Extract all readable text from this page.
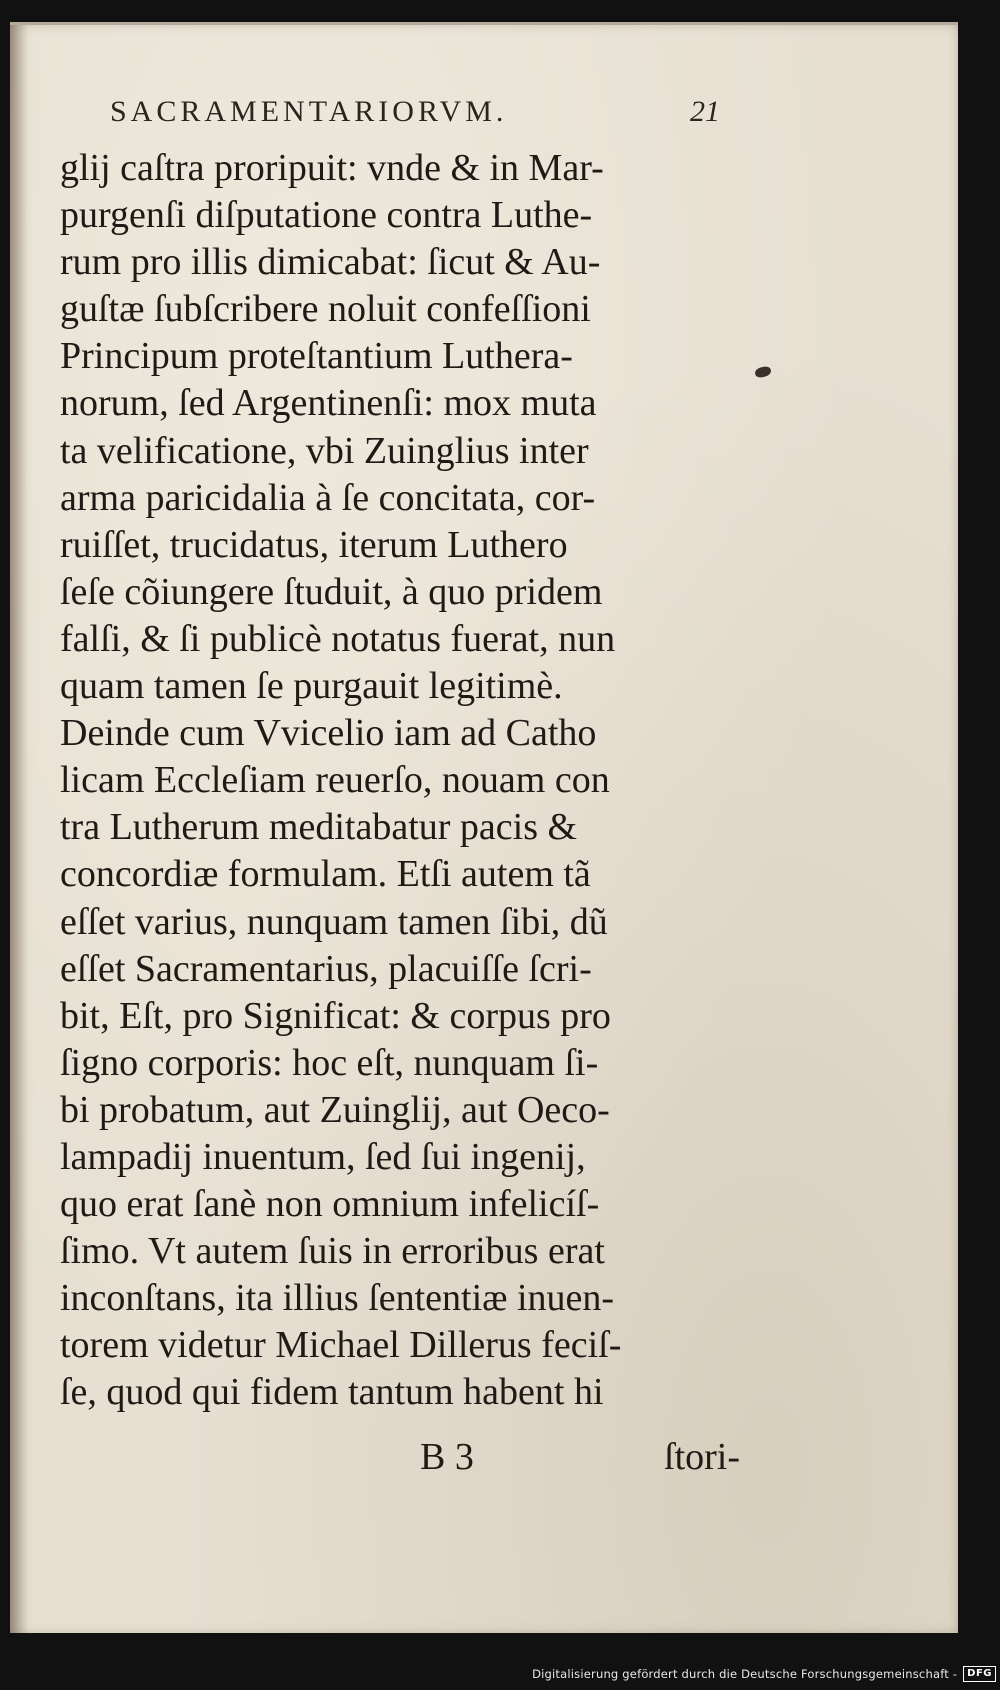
SACRAMENTARIORVM.	21
glij caſtra proripuit: vnde & in Mar-
purgenſi diſputatione contra Luthe-
rum pro illis dimicabat: ſicut & Au-
guſtæ ſubſcribere noluit confeſſioni
Principum proteſtantium Luthera-
norum, ſed Argentinenſi: mox muta
ta velificatione, vbi Zuinglius inter
arma paricidalia à ſe concitata, cor-
ruiſſet, trucidatus, iterum Luthero
ſeſe cõiungere ſtuduit, à quo pridem
falſi, & ſi publicè notatus fuerat, nun
quam tamen ſe purgauit legitimè.
Deinde cum Vvicelio iam ad Catho
licam Eccleſiam reuerſo, nouam con
tra Lutherum meditabatur pacis &
concordiæ formulam. Etſi autem tã
eſſet varius, nunquam tamen ſibi, dũ
eſſet Sacramentarius, placuiſſe ſcri-
bit, Eſt, pro Significat: & corpus pro
ſigno corporis: hoc eſt, nunquam ſi-
bi probatum, aut Zuinglij, aut Oeco-
lampadij inuentum, ſed ſui ingenij,
quo erat ſanè non omnium infelicíſ-
ſimo. Vt autem ſuis in erroribus erat
inconſtans, ita illius ſententiæ inuen-
torem videtur Michael Dillerus feciſ-
ſe, quod qui fidem tantum habent hi
B 3	ſtori-
Digitalisierung gefördert durch die Deutsche Forschungsgemeinschaft -	DFG
